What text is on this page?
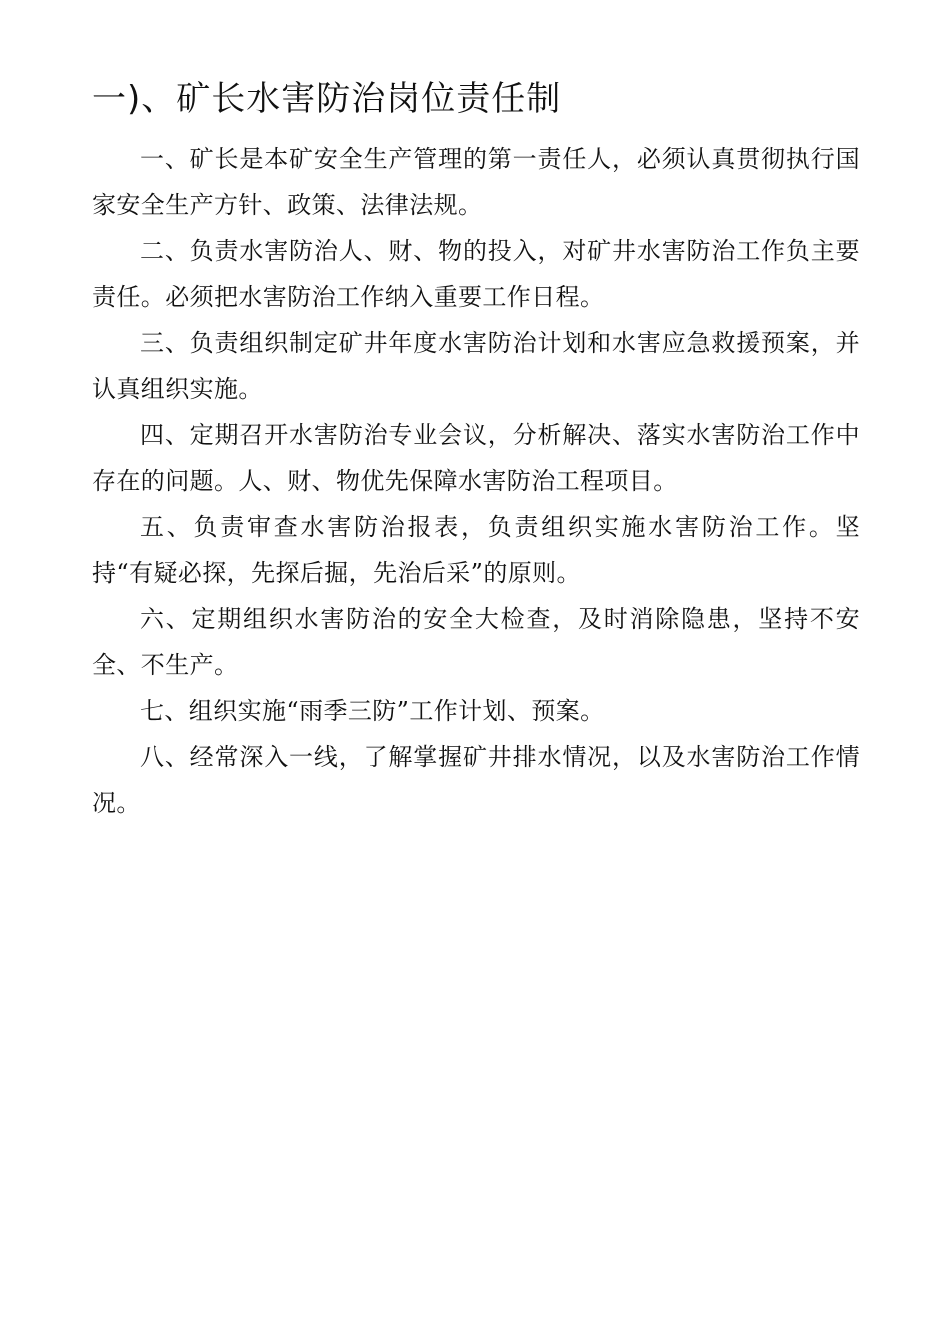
一)、矿长水害防治岗位责任制

一、矿长是本矿安全生产管理的第一责任人，必须认真贯彻执行国家安全生产方针、政策、法律法规。

二、负责水害防治人、财、物的投入，对矿井水害防治工作负主要责任。必须把水害防治工作纳入重要工作日程。

三、负责组织制定矿井年度水害防治计划和水害应急救援预案，并认真组织实施。

四、定期召开水害防治专业会议，分析解决、落实水害防治工作中存在的问题。人、财、物优先保障水害防治工程项目。

五、负责审查水害防治报表，负责组织实施水害防治工作。坚持“有疑必探，先探后掘，先治后采”的原则。

六、定期组织水害防治的安全大检查，及时消除隐患，坚持不安全、不生产。

七、组织实施“雨季三防”工作计划、预案。

八、经常深入一线，了解掌握矿井排水情况，以及水害防治工作情况。
